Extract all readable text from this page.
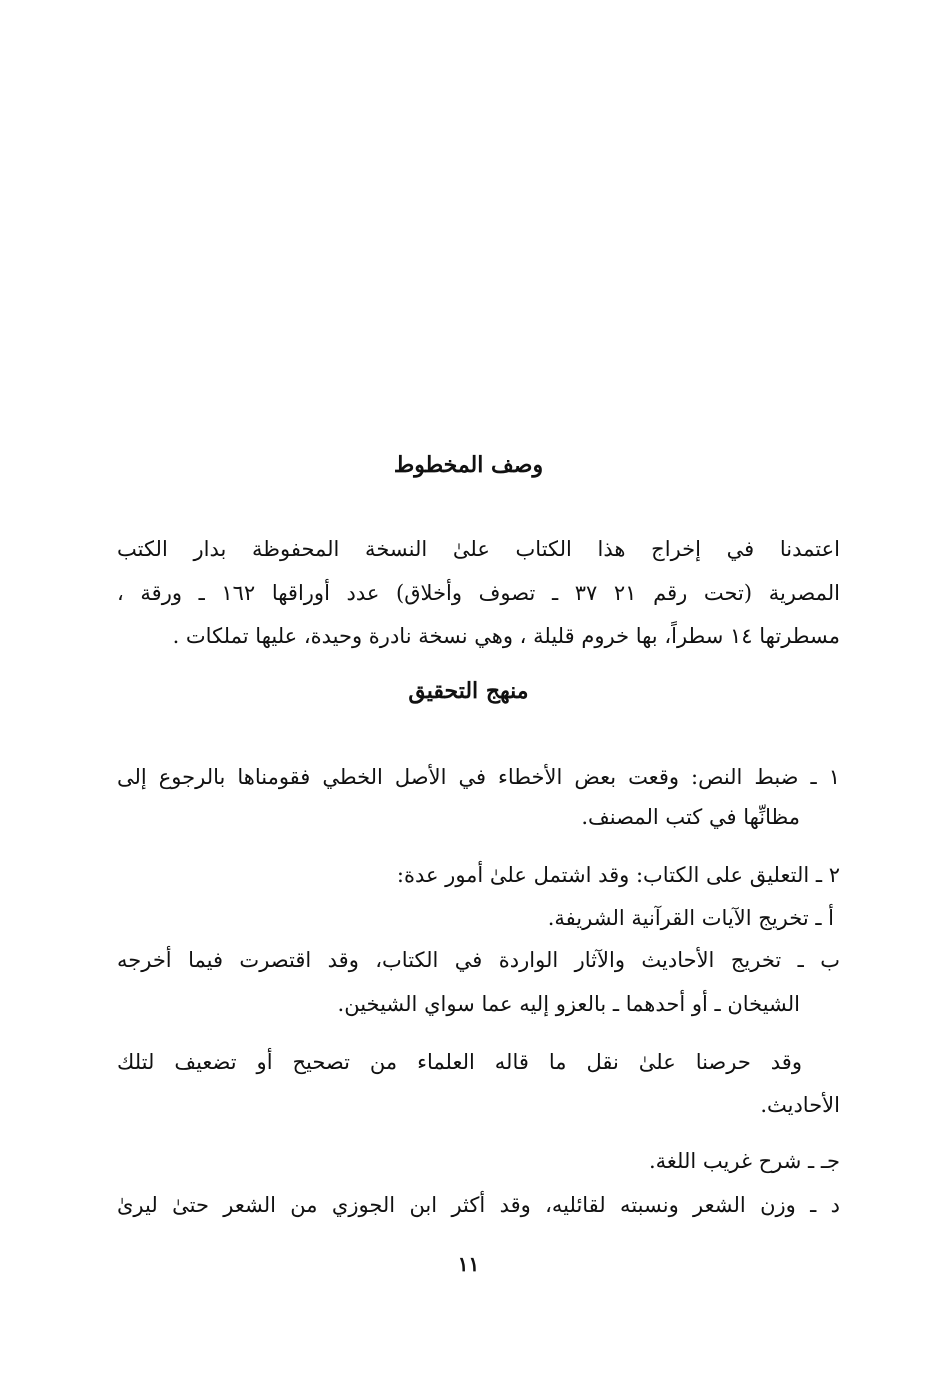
وصف المخطوط

اعتمدنا في إخراج هذا الكتاب علىٰ النسخة المحفوظة بدار الكتب

المصرية (تحت رقم ٢١ ٣٧ ـ تصوف وأخلاق) عدد أوراقها ١٦٢ ـ ورقة ،

مسطرتها ١٤ سطراً، بها خروم قليلة ، وهي نسخة نادرة وحيدة، عليها تملكات .

منهج التحقيق

١ ـ ضبط النص: وقعت بعض الأخطاء في الأصل الخطي فقومناها بالرجوع إلى

مظانِّها في كتب المصنف.

٢ ـ التعليق على الكتاب: وقد اشتمل علىٰ أمور عدة:

أ ـ تخريج الآيات القرآنية الشريفة.

ب ـ تخريج الأحاديث والآثار الواردة في الكتاب، وقد اقتصرت فيما أخرجه

الشيخان ـ أو أحدهما ـ بالعزو إليه عما سواي الشيخين.

وقد حرصنا علىٰ نقل ما قاله العلماء من تصحيح أو تضعيف لتلك

الأحاديث.

جـ ـ شرح غريب اللغة.

د ـ وزن الشعر ونسبته لقائليه، وقد أكثر ابن الجوزي من الشعر حتىٰ ليرىٰ

١١
